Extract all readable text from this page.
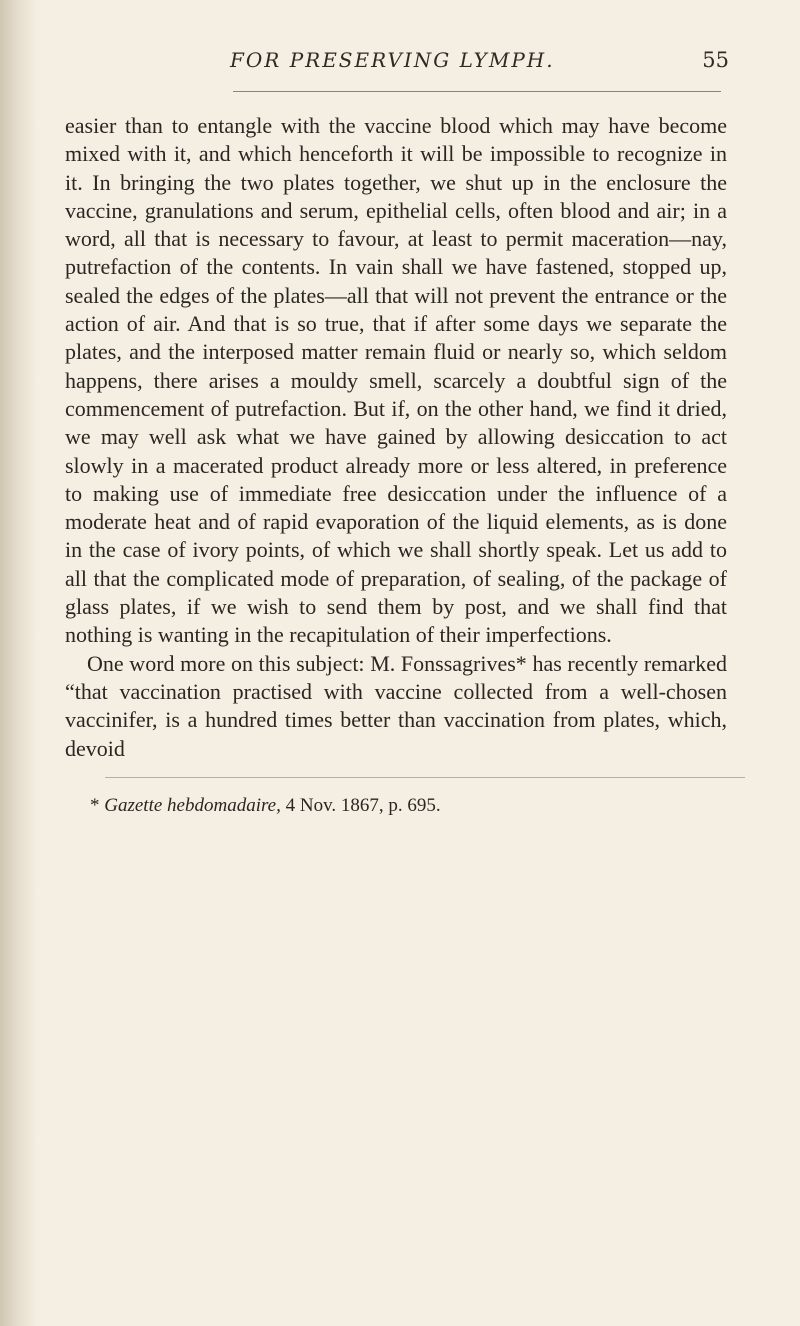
FOR PRESERVING LYMPH.	55

easier than to entangle with the vaccine blood which may have become mixed with it, and which henceforth it will be impossible to recognize in it. In bringing the two plates together, we shut up in the enclosure the vaccine, granulations and serum, epithelial cells, often blood and air; in a word, all that is necessary to favour, at least to permit maceration—nay, putrefaction of the contents. In vain shall we have fastened, stopped up, sealed the edges of the plates—all that will not prevent the entrance or the action of air. And that is so true, that if after some days we separate the plates, and the interposed matter remain fluid or nearly so, which seldom happens, there arises a mouldy smell, scarcely a doubtful sign of the commencement of putrefaction. But if, on the other hand, we find it dried, we may well ask what we have gained by allowing desiccation to act slowly in a macerated product already more or less altered, in preference to making use of immediate free desiccation under the influence of a moderate heat and of rapid evaporation of the liquid elements, as is done in the case of ivory points, of which we shall shortly speak. Let us add to all that the complicated mode of preparation, of sealing, of the package of glass plates, if we wish to send them by post, and we shall find that nothing is wanting in the recapitulation of their imperfections.

One word more on this subject: M. Fonssagrives* has recently remarked “that vaccination practised with vaccine collected from a well-chosen vaccinifer, is a hundred times better than vaccination from plates, which, devoid

* Gazette hebdomadaire, 4 Nov. 1867, p. 695.
